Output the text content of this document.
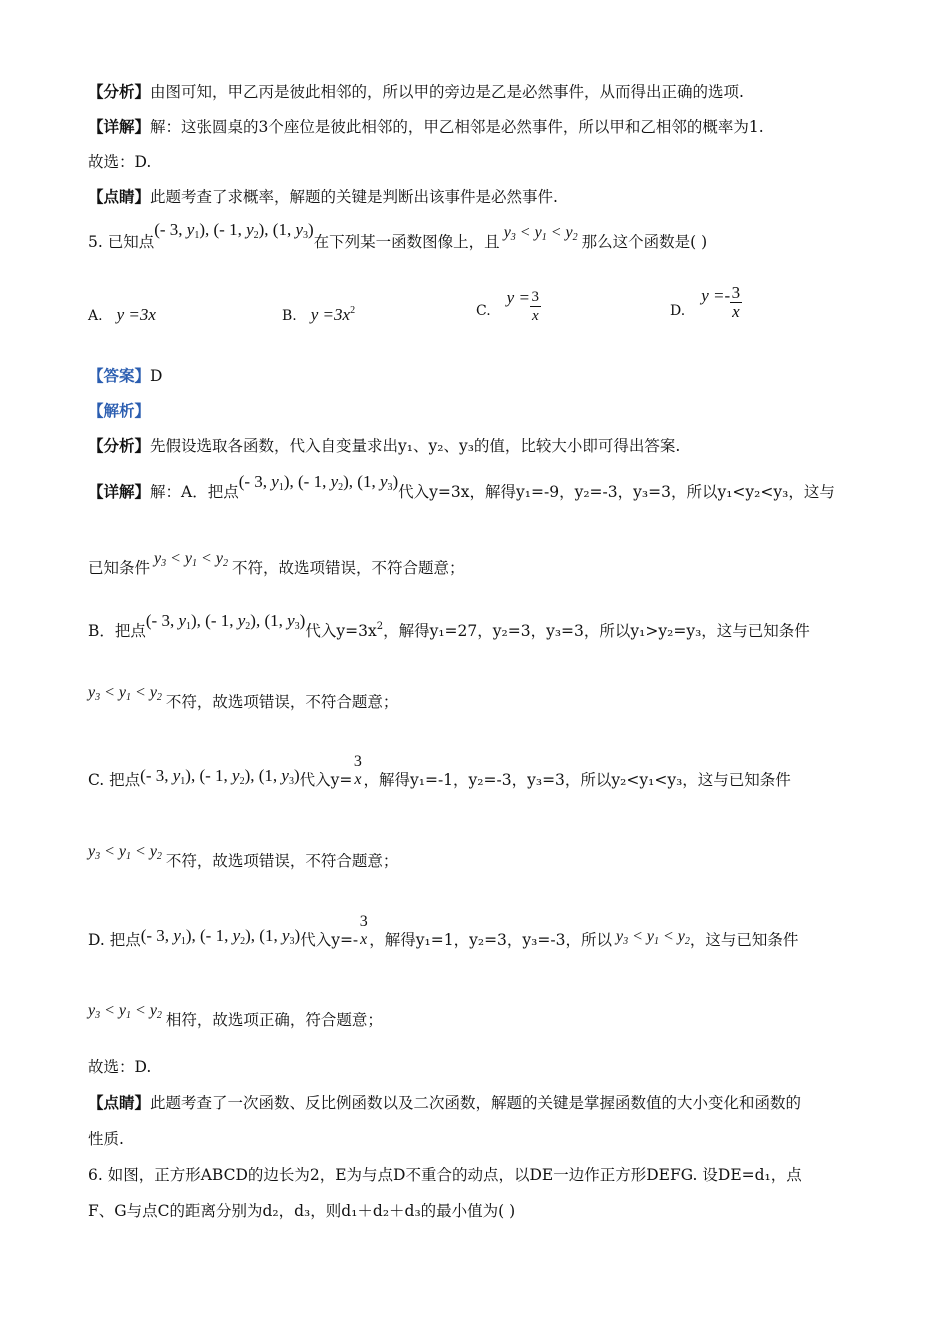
【分析】由图可知，甲乙丙是彼此相邻的，所以甲的旁边是乙是必然事件，从而得出正确的选项.
【详解】解：这张圆桌的3个座位是彼此相邻的，甲乙相邻是必然事件，所以甲和乙相邻的概率为1.
故选：D.
【点睛】此题考查了求概率，解题的关键是判断出该事件是必然事件.
5. 已知点(- 3, $y_1$), (- 1, $y_2$), (1, $y_3$)在下列某一函数图像上，且 $y_3 < y_1 < y_2$ 那么这个函数是( )
A. y =3x	B. $y =3x^2$	$C.y = \frac{3}{x}$	$D.y =- \frac{3}{x}$
【答案】D
【解析】
【分析】先假设选取各函数，代入自变量求出y₁、y₂、y₃的值，比较大小即可得出答案.
【详解】解：A．把点(- 3, $y_1$), (- 1, $y_2$), (1, $y_3$)代入y=3x，解得y₁=-9，y₂=-3，y₃=3，所以y₁<y₂<y₃，这与
已知条件 $y_3 < y_1 < y_2$ 不符，故选项错误，不符合题意；
B．把点(- 3, $y_1$), (- 1, $y_2$), (1, $y_3$)代入$y=3x^2$，解得y₁=27，y₂=3，y₃=3，所以y₁>y₂=y₃，这与已知条件
$y_3 < y_1 < y_2$ 不符，故选项错误，不符合题意；
C. 把点(- 3, $y_1$), (- 1, $y_2$), (1, $y_3$)代入y=
3
x ，解得y₁=-1，y₂=-3，y₃=3，所以y₂<y₁<y₃，这与已知条件
$y_3 < y_1 < y_2$ 不符，故选项错误，不符合题意；
D. 把点(- 3, $y_1$), (- 1, $y_2$), (1, $y_3$)代入y=-
3
x ，解得y₁=1，y₂=3，y₃=-3，所以 $y_3 < y_1 < y_2$，这与已知条件
$y_3 < y_1 < y_2$ 相符，故选项正确，符合题意；
故选：D.
【点睛】此题考查了一次函数、反比例函数以及二次函数，解题的关键是掌握函数值的大小变化和函数的
性质.
6. 如图，正方形ABCD的边长为2，E为与点D不重合的动点，以DE一边作正方形DEFG. 设DE=d₁，点
F、G与点C的距离分别为d₂，d₃，则d₁＋d₂＋d₃的最小值为( )
